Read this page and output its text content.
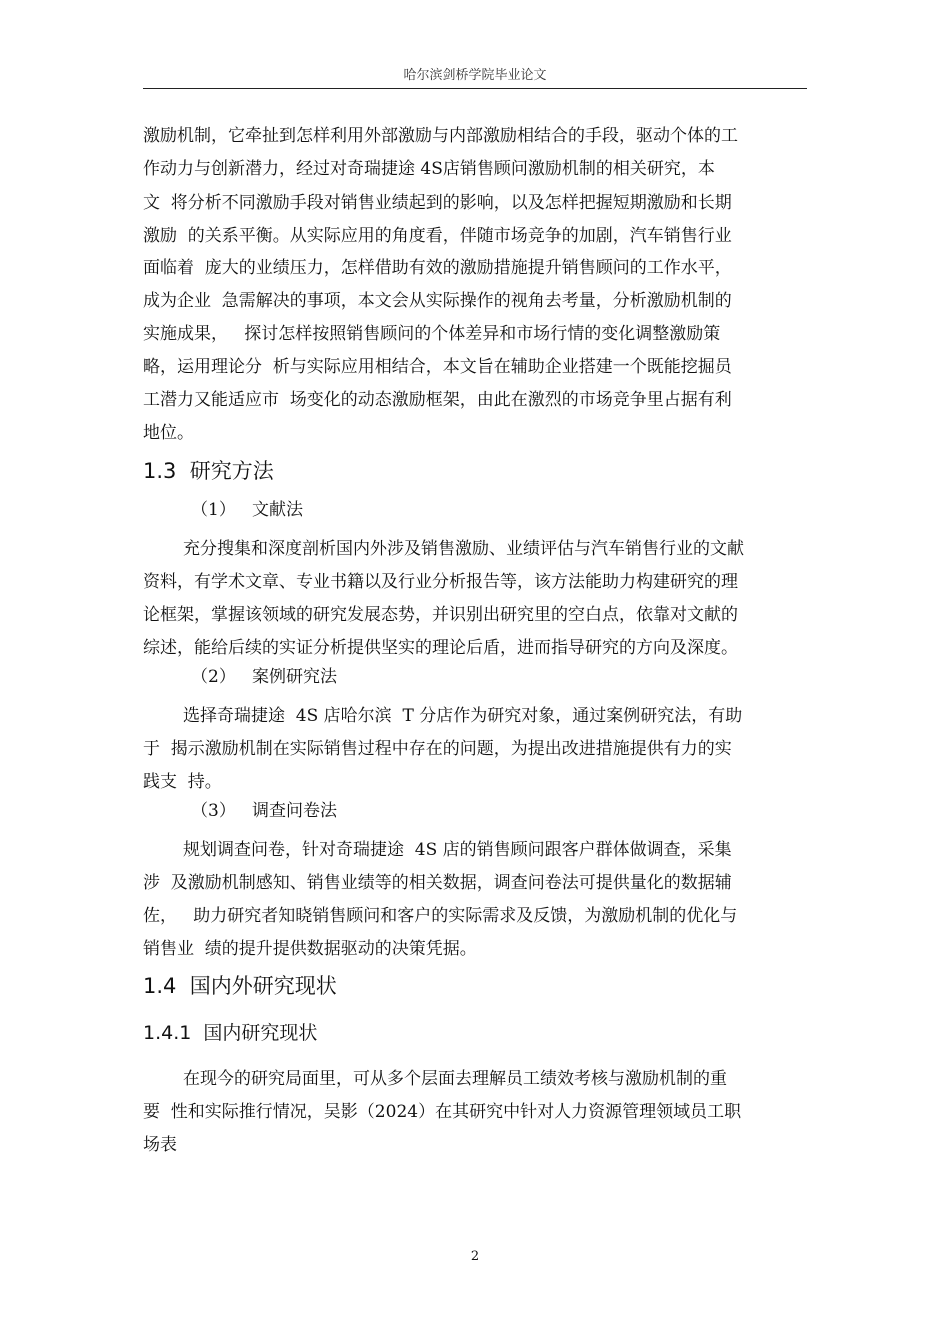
哈尔滨剑桥学院毕业论文
激励机制，它牵扯到怎样利用外部激励与内部激励相结合的手段，驱动个体的工
作动力与创新潜力，经过对奇瑞捷途 4S店销售顾问激励机制的相关研究，本
文  将分析不同激励手段对销售业绩起到的影响，以及怎样把握短期激励和长期
激励  的关系平衡。从实际应用的角度看，伴随市场竞争的加剧，汽车销售行业
面临着  庞大的业绩压力，怎样借助有效的激励措施提升销售顾问的工作水平，
成为企业  急需解决的事项，本文会从实际操作的视角去考量，分析激励机制的
实施成果，   探讨怎样按照销售顾问的个体差异和市场行情的变化调整激励策
略，运用理论分  析与实际应用相结合，本文旨在辅助企业搭建一个既能挖掘员
工潜力又能适应市  场变化的动态激励框架，由此在激烈的市场竞争里占据有利
地位。
1.3  研究方法
（1）   文献法
充分搜集和深度剖析国内外涉及销售激励、业绩评估与汽车销售行业的文献
资料，有学术文章、专业书籍以及行业分析报告等，该方法能助力构建研究的理
论框架，掌握该领域的研究发展态势，并识别出研究里的空白点，依靠对文献的
综述，能给后续的实证分析提供坚实的理论后盾，进而指导研究的方向及深度。
（2）   案例研究法
选择奇瑞捷途  4S 店哈尔滨  T 分店作为研究对象，通过案例研究法，有助
于  揭示激励机制在实际销售过程中存在的问题，为提出改进措施提供有力的实
践支  持。
（3）   调查问卷法
规划调查问卷，针对奇瑞捷途  4S 店的销售顾问跟客户群体做调查，采集
涉  及激励机制感知、销售业绩等的相关数据，调查问卷法可提供量化的数据辅
佐，   助力研究者知晓销售顾问和客户的实际需求及反馈，为激励机制的优化与
销售业  绩的提升提供数据驱动的决策凭据。
1.4  国内外研究现状
1.4.1  国内研究现状
在现今的研究局面里，可从多个层面去理解员工绩效考核与激励机制的重
要  性和实际推行情况，吴影（2024）在其研究中针对人力资源管理领域员工职
场表
2
